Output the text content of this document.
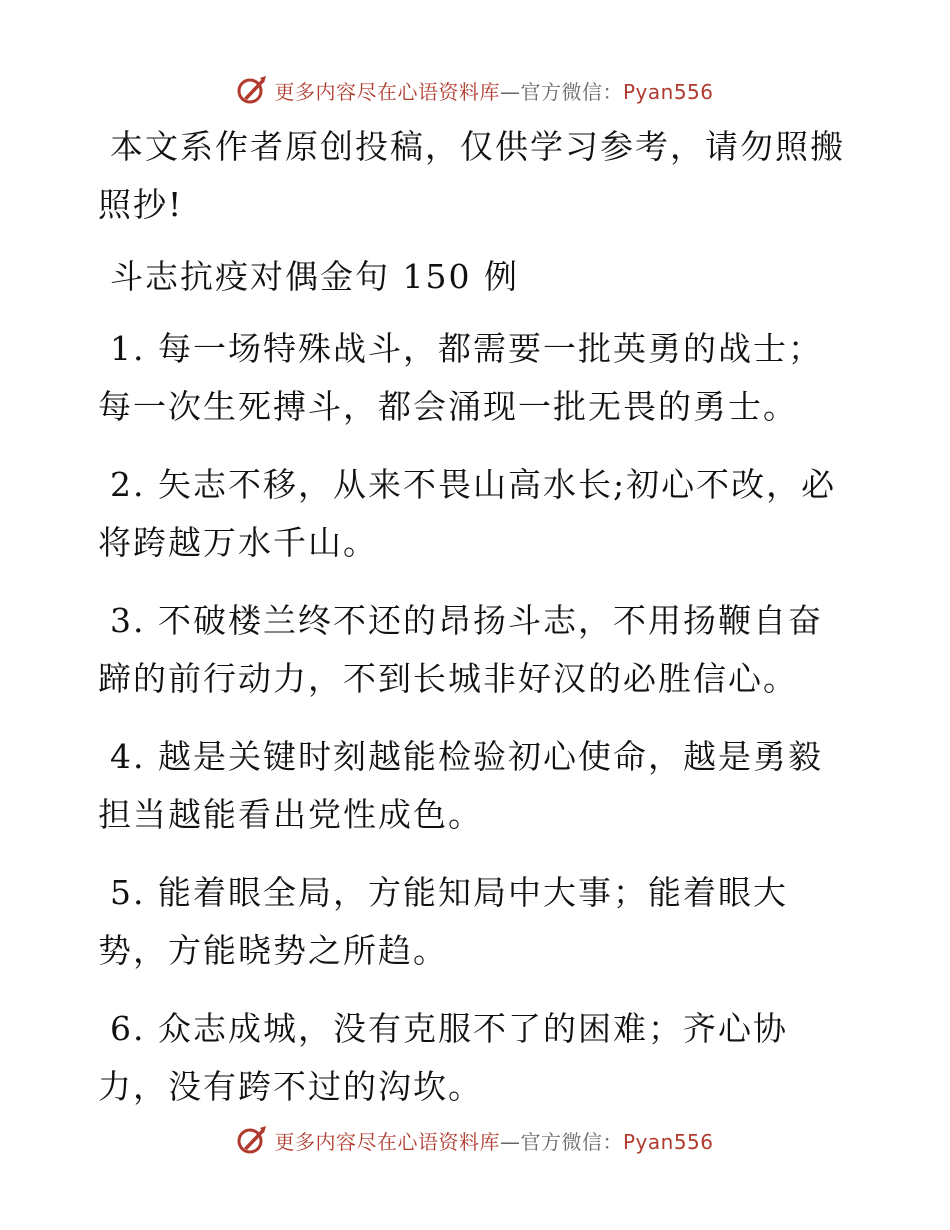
更多内容尽在心语资料库—官方微信：Pyan556

本文系作者原创投稿，仅供学习参考，请勿照搬照抄!

斗志抗疫对偶金句 150 例

1. 每一场特殊战斗，都需要一批英勇的战士；每一次生死搏斗，都会涌现一批无畏的勇士。

2. 矢志不移，从来不畏山高水长;初心不改，必将跨越万水千山。

3. 不破楼兰终不还的昂扬斗志，不用扬鞭自奋蹄的前行动力，不到长城非好汉的必胜信心。

4. 越是关键时刻越能检验初心使命，越是勇毅担当越能看出党性成色。

5. 能着眼全局，方能知局中大事；能着眼大势，方能晓势之所趋。

6. 众志成城，没有克服不了的困难；齐心协力，没有跨不过的沟坎。

更多内容尽在心语资料库—官方微信：Pyan556
